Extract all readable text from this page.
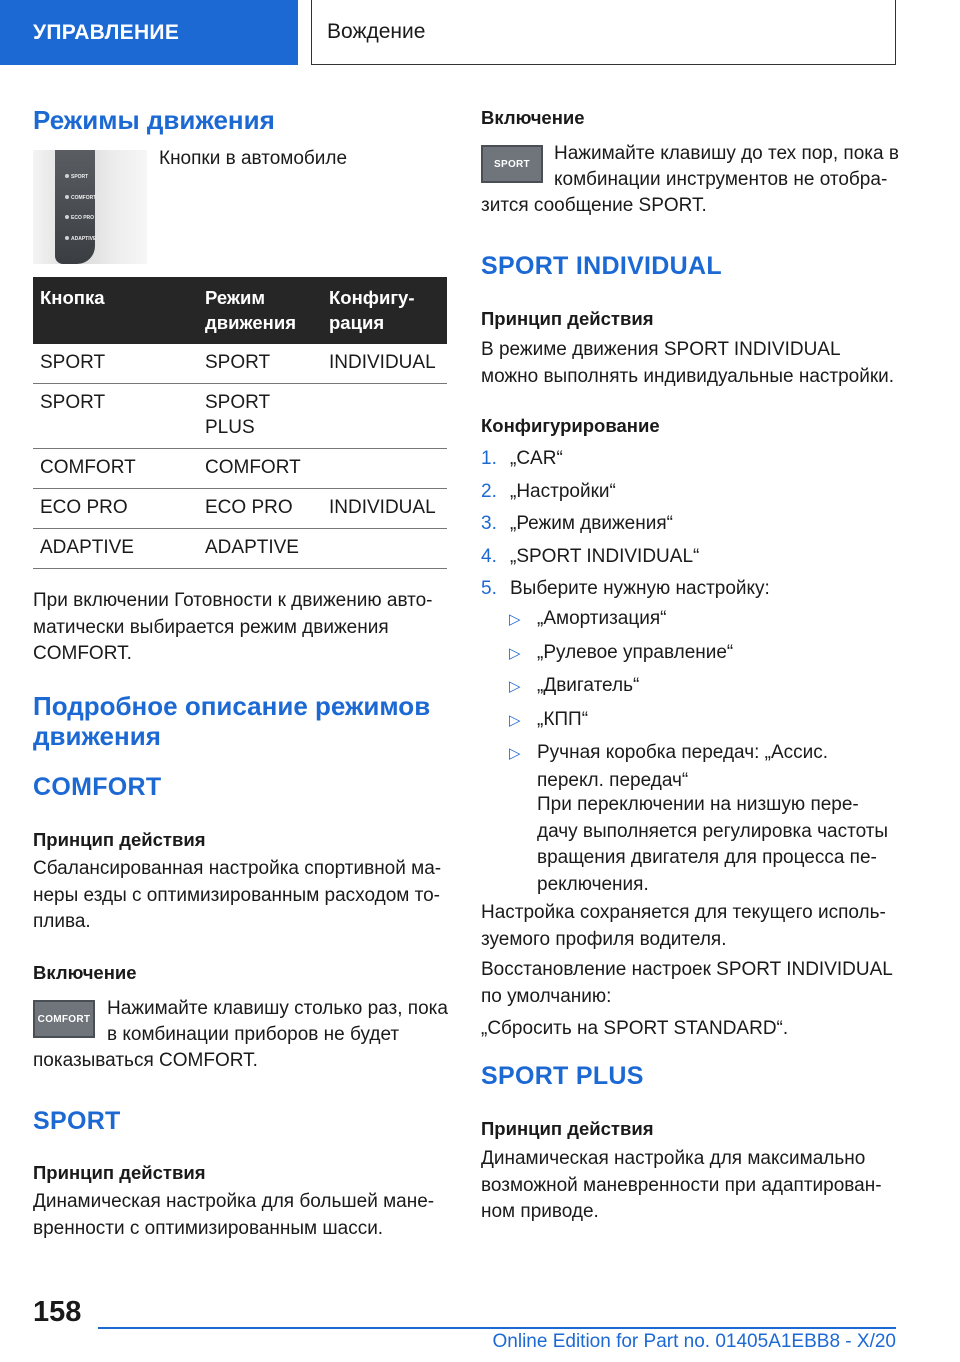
УПРАВЛЕНИЕ	Вождение
Режимы движения
SPORT
COMFORT
ECO PRO
ADAPTIVE

Кнопки в автомобиле

Кнопка	Режим
движения	Конфигу-
рация
SPORT	SPORT	INDIVIDUAL
SPORT	SPORT
PLUS	
COMFORT	COMFORT	
ECO PRO	ECO PRO	INDIVIDUAL
ADAPTIVE	ADAPTIVE	

При включении Готовности к движению авто-

матически выбирается режим движения

COMFORT.

Подробное описание режимов
движения
COMFORT
Принцип действия

Сбалансированная настройка спортивной ма-

неры езды с оптимизированным расходом то-

плива.

Включение
COMFORT Нажимайте клавишу столько раз, пока

в комбинации приборов не будет

показываться COMFORT.

SPORT
Принцип действия

Динамическая настройка для большей мане-

вренности с оптимизированным шасси.

Включение
SPORT Нажимайте клавишу до тех пор, пока в

комбинации инструментов не отобра-

зится сообщение SPORT.

SPORT INDIVIDUAL
Принцип действия

В режиме движения SPORT INDIVIDUAL

можно выполнять индивидуальные настройки.

Конфигурирование

1. „CAR“

2. „Настройки“

3. „Режим движения“

4. „SPORT INDIVIDUAL“

5. Выберите нужную настройку:

▷ „Амортизация“

▷ „Рулевое управление“

▷ „Двигатель“

▷ „КПП“

▷ Ручная коробка передач: „Ассис.

перекл. передач“

При переключении на низшую пере-

дачу выполняется регулировка частоты

вращения двигателя для процесса пе-

реключения.

Настройка сохраняется для текущего исполь-

зуемого профиля водителя.

Восстановление настроек SPORT INDIVIDUAL

по умолчанию:

„Сбросить на SPORT STANDARD“.

SPORT PLUS
Принцип действия

Динамическая настройка для максимально

возможной маневренности при адаптирован-

ном приводе.

158
Online Edition for Part no. 01405A1EBB8 - X/20
